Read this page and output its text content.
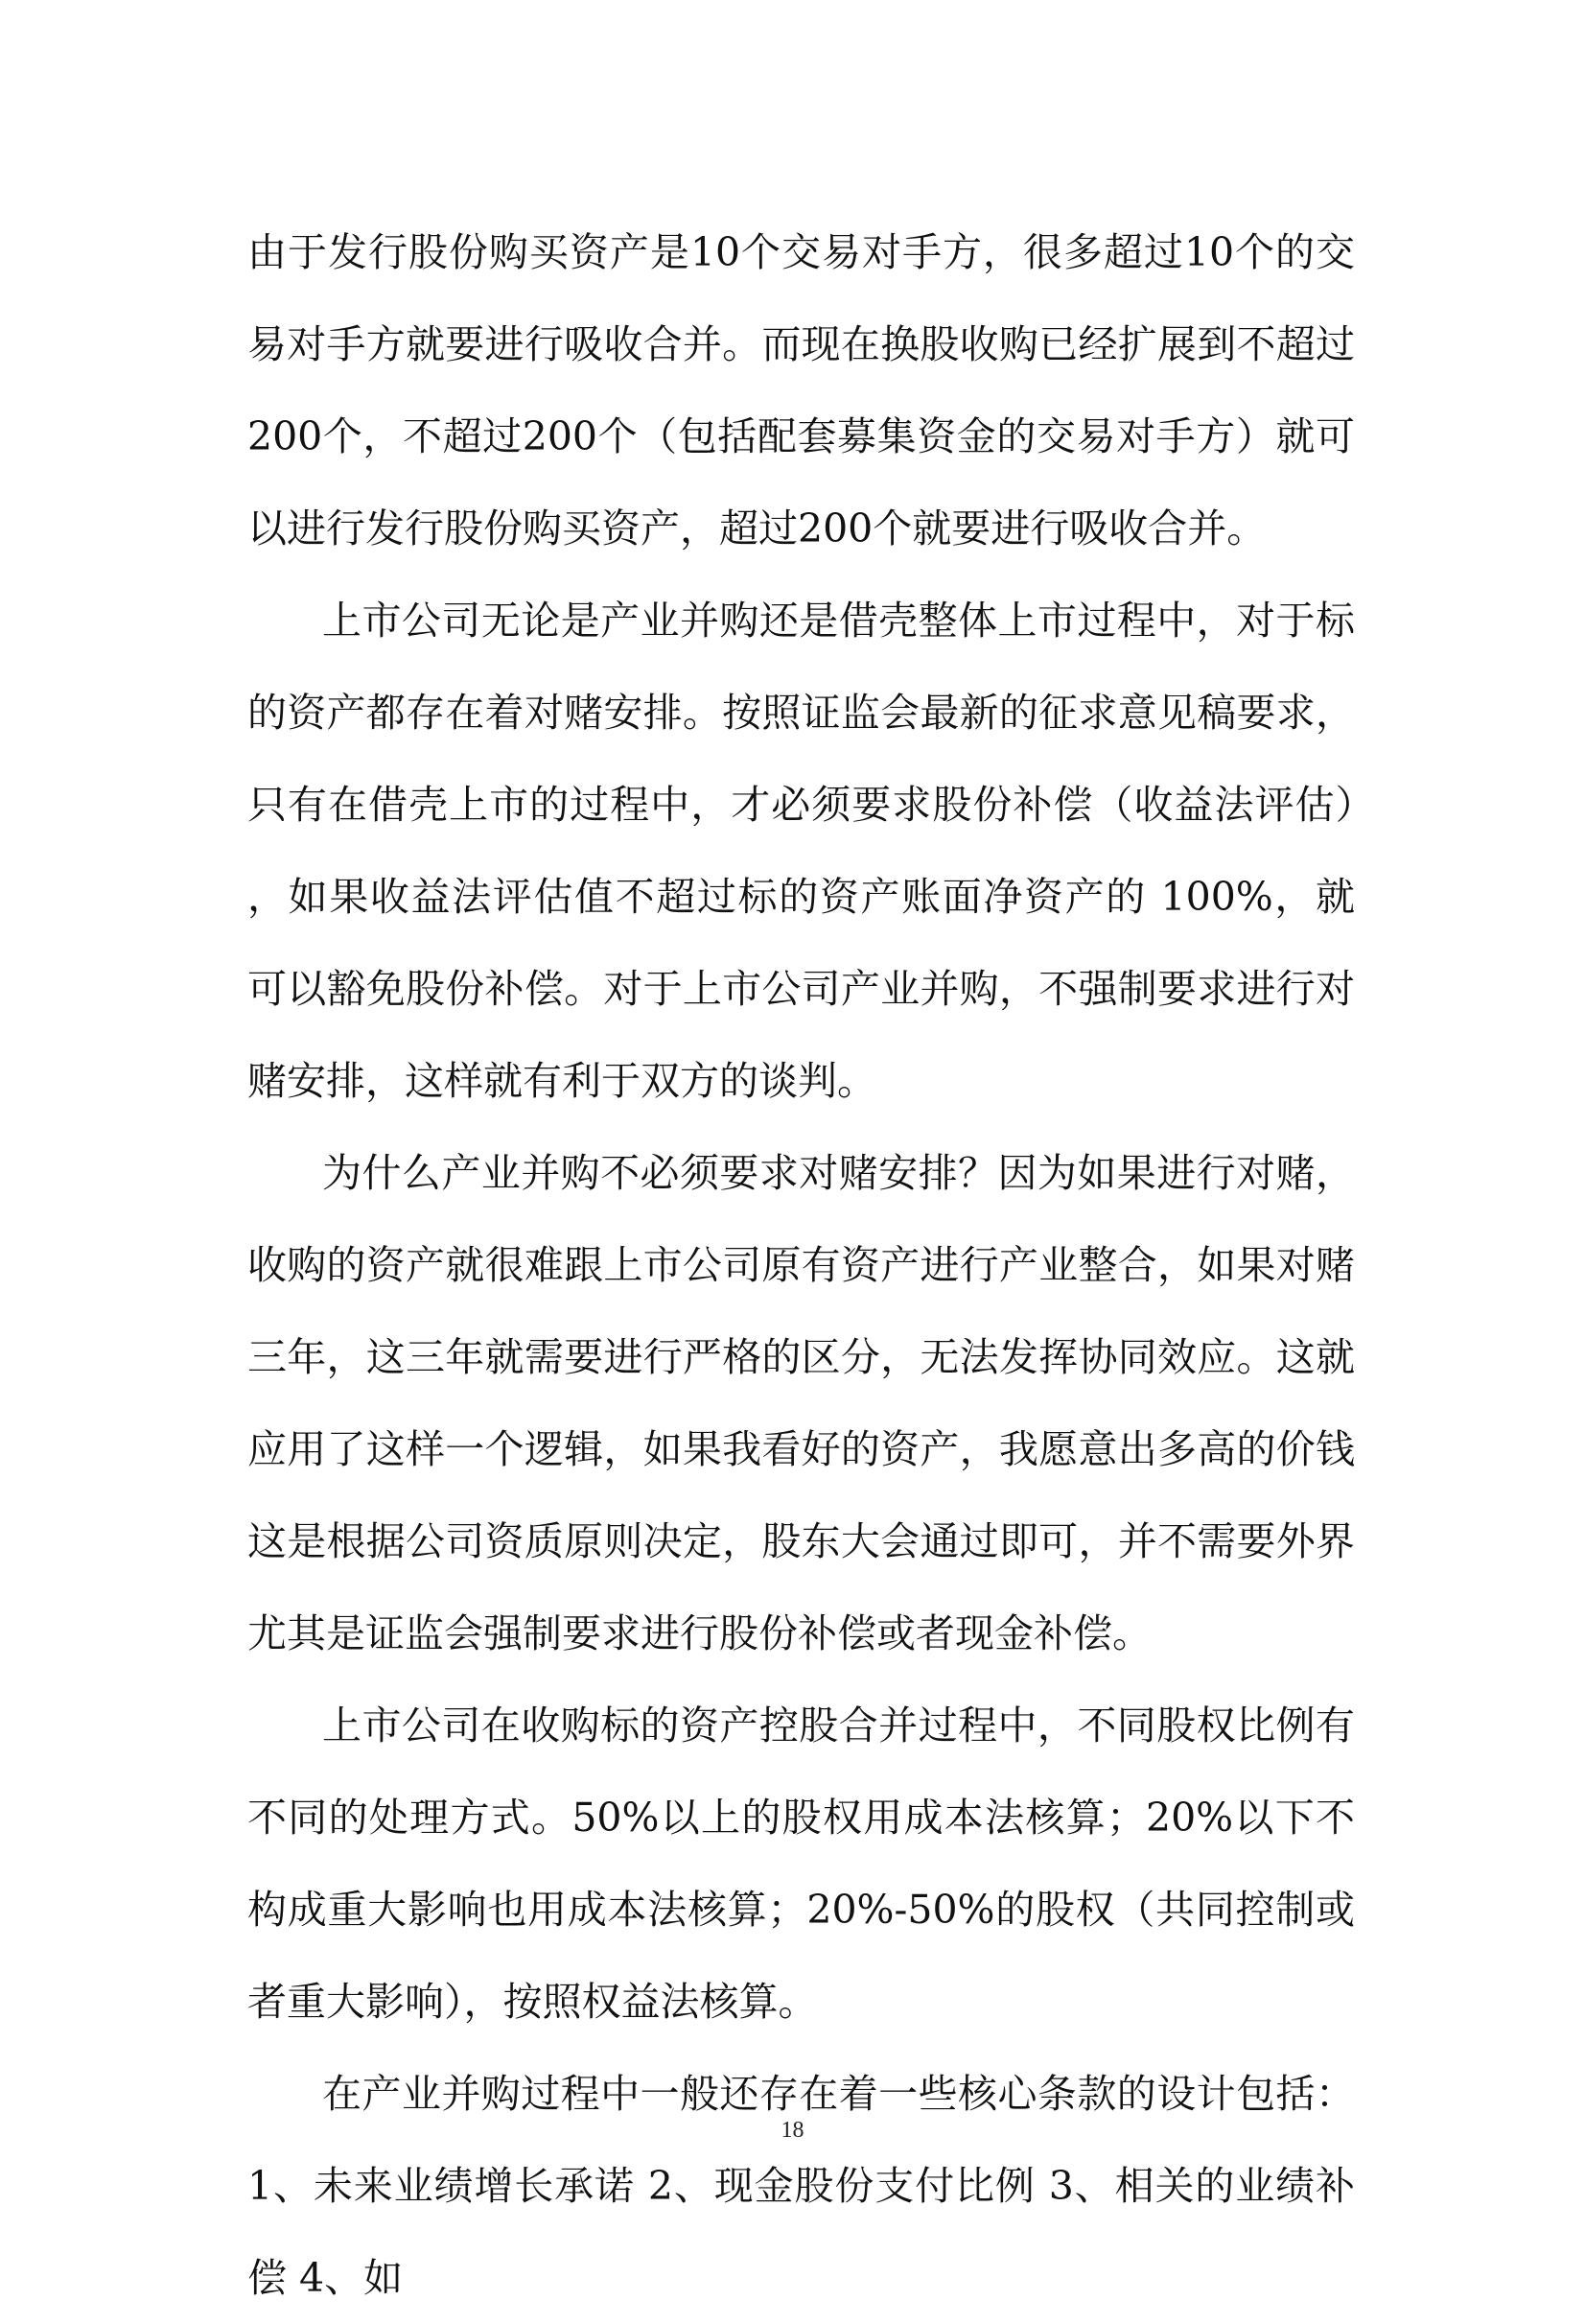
由于发行股份购买资产是10个交易对手方，很多超过10个的交易对手方就要进行吸收合并。而现在换股收购已经扩展到不超过200个，不超过200个（包括配套募集资金的交易对手方）就可以进行发行股份购买资产，超过200个就要进行吸收合并。

上市公司无论是产业并购还是借壳整体上市过程中，对于标的资产都存在着对赌安排。按照证监会最新的征求意见稿要求，只有在借壳上市的过程中，才必须要求股份补偿（收益法评估），如果收益法评估值不超过标的资产账面净资产的 100%，就可以豁免股份补偿。对于上市公司产业并购，不强制要求进行对赌安排，这样就有利于双方的谈判。

为什么产业并购不必须要求对赌安排？因为如果进行对赌，收购的资产就很难跟上市公司原有资产进行产业整合，如果对赌三年，这三年就需要进行严格的区分，无法发挥协同效应。这就应用了这样一个逻辑，如果我看好的资产，我愿意出多高的价钱这是根据公司资质原则决定，股东大会通过即可，并不需要外界尤其是证监会强制要求进行股份补偿或者现金补偿。

上市公司在收购标的资产控股合并过程中，不同股权比例有不同的处理方式。50%以上的股权用成本法核算；20%以下不构成重大影响也用成本法核算；20%-50%的股权（共同控制或者重大影响），按照权益法核算。

在产业并购过程中一般还存在着一些核心条款的设计包括：1、未来业绩增长承诺 2、现金股份支付比例 3、相关的业绩补偿 4、如

18
